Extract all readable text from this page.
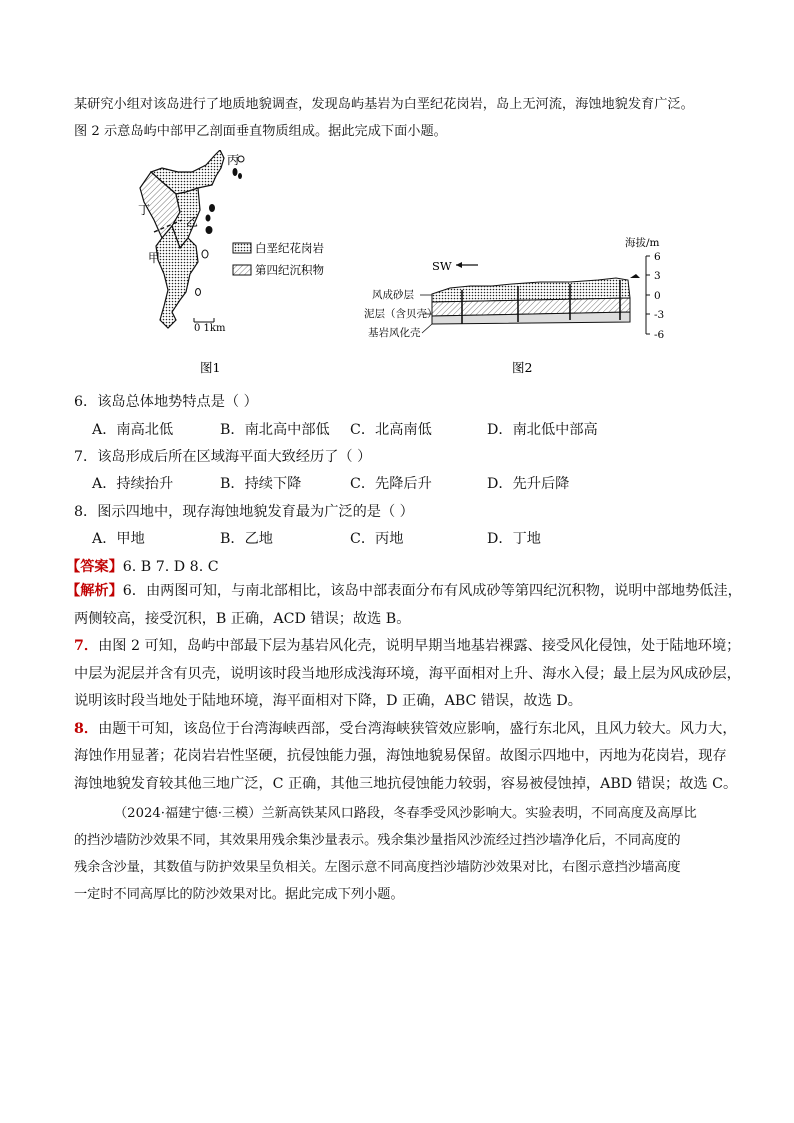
某研究小组对该岛进行了地质地貌调查，发现岛屿基岩为白垩纪花岗岩，岛上无河流，海蚀地貌发育广泛。

图 2 示意岛屿中部甲乙剖面垂直物质组成。据此完成下面小题。

丙
丁
乙
甲
0 1km
白垩纪花岗岩
第四纪沉积物
图1
SW
海拔/m
6
3
0
-3
-6
风成砂层
泥层（含贝壳）
基岩风化壳
图2
6．该岛总体地势特点是（ ）
A．南高北低	B．南北高中部低 C．北高南低	D．南北低中部高
7．该岛形成后所在区域海平面大致经历了（ ）
A．持续抬升	B．持续下降	C．先降后升	D．先升后降
8．图示四地中，现存海蚀地貌发育最为广泛的是（ ）
A．甲地	B．乙地	C．丙地	D．丁地
【答案】6. B 7. D 8. C

【解析】6．由两图可知，与南北部相比，该岛中部表面分布有风成砂等第四纪沉积物，说明中部地势低洼，

两侧较高，接受沉积，B 正确，ACD 错误；故选 B。

7．由图 2 可知，岛屿中部最下层为基岩风化壳，说明早期当地基岩裸露、接受风化侵蚀，处于陆地环境；

中层为泥层并含有贝壳，说明该时段当地形成浅海环境，海平面相对上升、海水入侵；最上层为风成砂层，

说明该时段当地处于陆地环境，海平面相对下降，D 正确，ABC 错误，故选 D。

8．由题干可知，该岛位于台湾海峡西部，受台湾海峡狭管效应影响，盛行东北风，且风力较大。风力大，

海蚀作用显著；花岗岩岩性坚硬，抗侵蚀能力强，海蚀地貌易保留。故图示四地中，丙地为花岗岩，现存

海蚀地貌发育较其他三地广泛，C 正确，其他三地抗侵蚀能力较弱，容易被侵蚀掉，ABD 错误；故选 C。

（2024·福建宁德·三模）兰新高铁某风口路段，冬春季受风沙影响大。实验表明，不同高度及高厚比

的挡沙墙防沙效果不同，其效果用残余集沙量表示。残余集沙量指风沙流经过挡沙墙净化后，不同高度的

残余含沙量，其数值与防护效果呈负相关。左图示意不同高度挡沙墙防沙效果对比，右图示意挡沙墙高度

一定时不同高厚比的防沙效果对比。据此完成下列小题。
